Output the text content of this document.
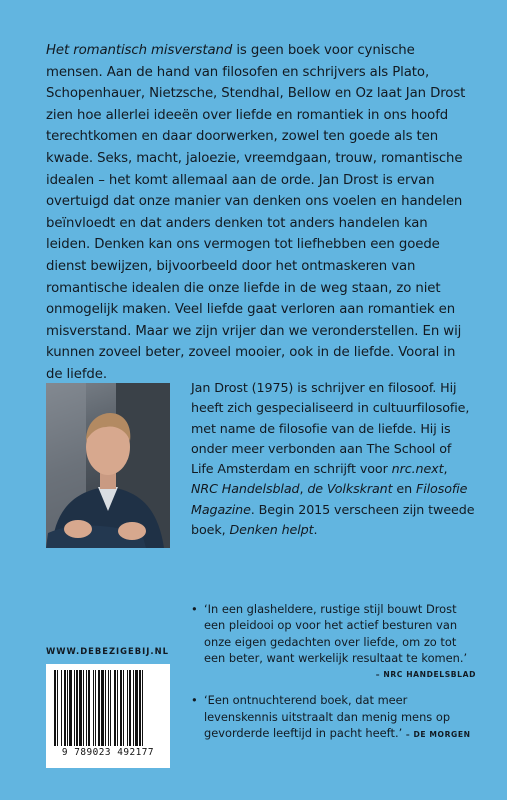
Het romantisch misverstand is geen boek voor cynische mensen. Aan de hand van filosofen en schrijvers als Plato, Schopenhauer, Nietzsche, Stendhal, Bellow en Oz laat Jan Drost zien hoe allerlei ideeën over liefde en romantiek in ons hoofd terechtkomen en daar doorwerken, zowel ten goede als ten kwade. Seks, macht, jaloezie, vreemdgaan, trouw, romantische idealen – het komt allemaal aan de orde. Jan Drost is ervan overtuigd dat onze manier van denken ons voelen en handelen beïnvloedt en dat anders denken tot anders handelen kan leiden. Denken kan ons vermogen tot liefhebben een goede dienst bewijzen, bijvoorbeeld door het ontmaskeren van romantische idealen die onze liefde in de weg staan, zo niet onmogelijk maken. Veel liefde gaat verloren aan romantiek en misverstand. Maar we zijn vrijer dan we veronderstellen. En wij kunnen zoveel beter, zoveel mooier, ook in de liefde. Vooral in de liefde.

Jan Drost (1975) is schrijver en filosoof. Hij heeft zich gespecialiseerd in cultuurfilosofie, met name de filosofie van de liefde. Hij is onder meer verbonden aan The School of Life Amsterdam en schrijft voor nrc.next, NRC Handelsblad, de Volkskrant en Filosofie Magazine. Begin 2015 verscheen zijn tweede boek, Denken helpt.

• ‘In een glasheldere, rustige stijl bouwt Drost een pleidooi op voor het actief besturen van onze eigen gedachten over liefde, om zo tot een beter, want werkelijk resultaat te komen.’
– NRC HANDELSBLAD
• ‘Een ontnuchterend boek, dat meer levenskennis uitstraalt dan menig mens op gevorderde leeftijd in pacht heeft.’ – DE MORGEN
WWW.DEBEZIGEBIJ.NL
9 789023 492177
